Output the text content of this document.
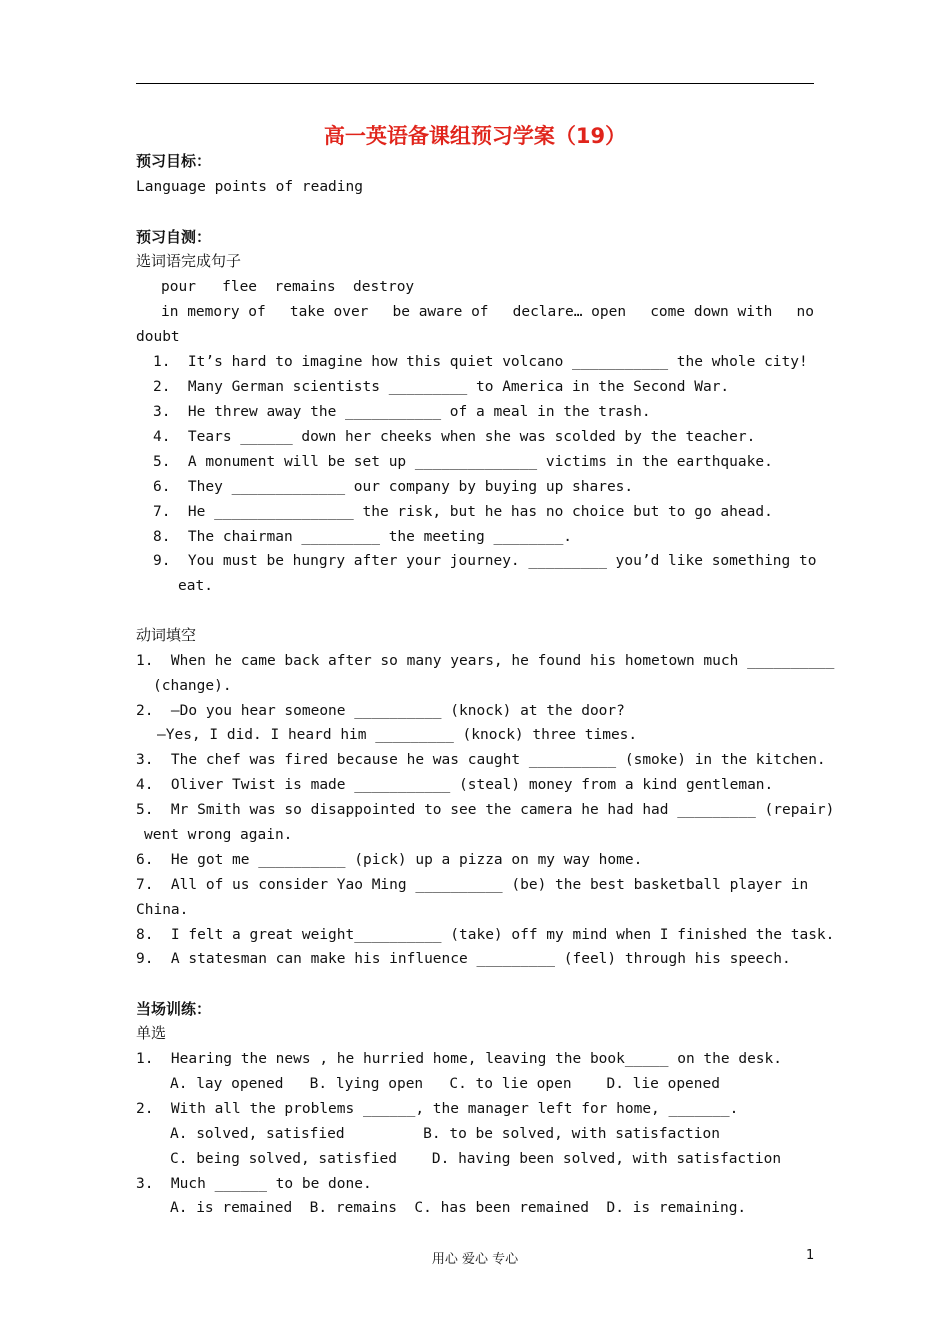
高一英语备课组预习学案（19）
预习目标：
Language points of reading
预习自测：
选词语完成句子
pour   flee  remains  destroy
in memory of take over be aware of declare… open come down with no
doubt
1.  It’s hard to imagine how this quiet volcano ___________ the whole city!
2.  Many German scientists _________ to America in the Second War.
3.  He threw away the ___________ of a meal in the trash.
4.  Tears ______ down her cheeks when she was scolded by the teacher.
5.  A monument will be set up ______________ victims in the earthquake.
6.  They _____________ our company by buying up shares.
7.  He ________________ the risk, but he has no choice but to go ahead.
8.  The chairman _________ the meeting ________.
9.  You must be hungry after your journey. _________ you’d like something to
eat.
动词填空
1.  When he came back after so many years, he found his hometown much __________
(change).
2.  –Do you hear someone __________ (knock) at the door?
–Yes, I did. I heard him _________ (knock) three times.
3.  The chef was fired because he was caught __________ (smoke) in the kitchen.
4.  Oliver Twist is made ___________ (steal) money from a kind gentleman.
5.  Mr Smith was so disappointed to see the camera he had had _________ (repair)
went wrong again.
6.  He got me __________ (pick) up a pizza on my way home.
7.  All of us consider Yao Ming __________ (be) the best basketball player in
China.
8.  I felt a great weight__________ (take) off my mind when I finished the task.
9.  A statesman can make his influence _________ (feel) through his speech.
当场训练：
单选
1.  Hearing the news , he hurried home, leaving the book_____ on the desk.
A. lay opened   B. lying open   C. to lie open    D. lie opened
2.  With all the problems ______, the manager left for home, _______.
A. solved, satisfied         B. to be solved, with satisfaction
C. being solved, satisfied    D. having been solved, with satisfaction
3.  Much ______ to be done.
A. is remained  B. remains  C. has been remained  D. is remaining.
用心 爱心 专心	1
